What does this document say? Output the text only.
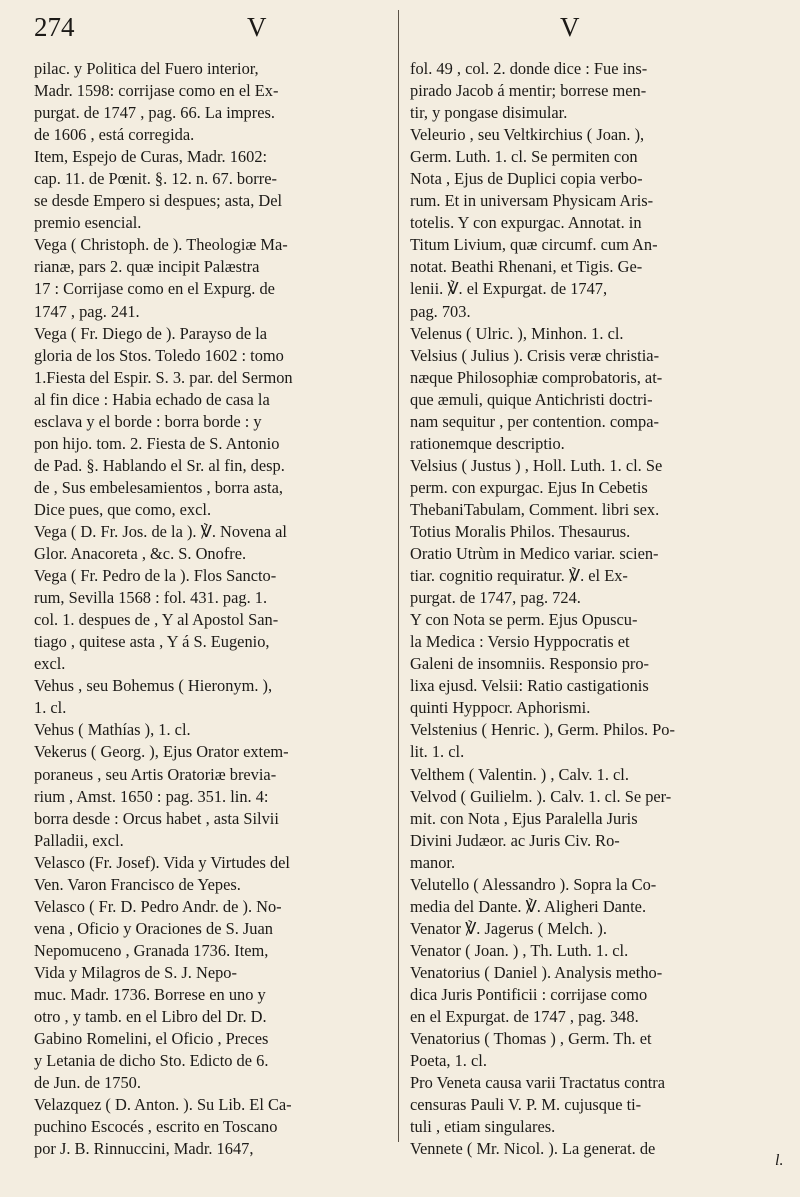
274	V	V
pilac. y Politica del Fuero interior,
Madr. 1598: corrijase como en el Ex-
purgat. de 1747 , pag. 66. La impres.
de 1606 , está corregida.
Item, Espejo de Curas, Madr. 1602:
cap. 11. de Pœnit. §. 12. n. 67. borre-
se desde Empero si despues; asta, Del
premio esencial.
Vega ( Christoph. de ). Theologiæ Ma-
rianæ, pars 2. quæ incipit Palæstra
17 : Corrijase como en el Expurg. de
1747 , pag. 241.
Vega ( Fr. Diego de ). Parayso de la
gloria de los Stos. Toledo 1602 : tomo
1.Fiesta del Espir. S. 3. par. del Sermon
al fin dice : Habia echado de casa la
esclava y el borde : borra borde : y
pon hijo. tom. 2. Fiesta de S. Antonio
de Pad. §. Hablando el Sr. al fin, desp.
de , Sus embelesamientos , borra asta,
Dice pues, que como, excl.
Vega ( D. Fr. Jos. de la ). ℣. Novena al
Glor. Anacoreta , &c. S. Onofre.
Vega ( Fr. Pedro de la ). Flos Sancto-
rum, Sevilla 1568 : fol. 431. pag. 1.
col. 1. despues de , Y al Apostol San-
tiago , quitese asta , Y á S. Eugenio,
excl.
Vehus , seu Bohemus ( Hieronym. ),
1. cl.
Vehus ( Mathías ), 1. cl.
Vekerus ( Georg. ), Ejus Orator extem-
poraneus , seu Artis Oratoriæ brevia-
rium , Amst. 1650 : pag. 351. lin. 4:
borra desde : Orcus habet , asta Silvii
Palladii, excl.
Velasco (Fr. Josef). Vida y Virtudes del
Ven. Varon Francisco de Yepes.
Velasco ( Fr. D. Pedro Andr. de ). No-
vena , Oficio y Oraciones de S. Juan
Nepomuceno , Granada 1736. Item,
Vida y Milagros de S. J. Nepo-
muc. Madr. 1736. Borrese en uno y
otro , y tamb. en el Libro del Dr. D.
Gabino Romelini, el Oficio , Preces
y Letania de dicho Sto. Edicto de 6.
de Jun. de 1750.
Velazquez ( D. Anton. ). Su Lib. El Ca-
puchino Escocés , escrito en Toscano
por J. B. Rinnuccini, Madr. 1647,
fol. 49 , col. 2. donde dice : Fue ins-
pirado Jacob á mentir; borrese men-
tir, y pongase disimular.
Veleurio , seu Veltkirchius ( Joan. ),
Germ. Luth. 1. cl. Se permiten con
Nota , Ejus de Duplici copia verbo-
rum. Et in universam Physicam Aris-
totelis. Y con expurgac. Annotat. in
Titum Livium, quæ circumf. cum An-
notat. Beathi Rhenani, et Tigis. Ge-
lenii. ℣. el Expurgat. de 1747,
pag. 703.
Velenus ( Ulric. ), Minhon. 1. cl.
Velsius ( Julius ). Crisis veræ christia-
næque Philosophiæ comprobatoris, at-
que æmuli, quique Antichristi doctri-
nam sequitur , per contention. compa-
rationemque descriptio.
Velsius ( Justus ) , Holl. Luth. 1. cl. Se
perm. con expurgac. Ejus In Cebetis
ThebaniTabulam, Comment. libri sex.
Totius Moralis Philos. Thesaurus.
Oratio Utrùm in Medico variar. scien-
tiar. cognitio requiratur. ℣. el Ex-
purgat. de 1747, pag. 724.
Y con Nota se perm. Ejus Opuscu-
la Medica : Versio Hyppocratis et
Galeni de insomniis. Responsio pro-
lixa ejusd. Velsii: Ratio castigationis
quinti Hyppocr. Aphorismi.
Velstenius ( Henric. ), Germ. Philos. Po-
lit. 1. cl.
Velthem ( Valentin. ) , Calv. 1. cl.
Velvod ( Guilielm. ). Calv. 1. cl. Se per-
mit. con Nota , Ejus Paralella Juris
Divini Judæor. ac Juris Civ. Ro-
manor.
Velutello ( Alessandro ). Sopra la Co-
media del Dante. ℣. Aligheri Dante.
Venator ℣. Jagerus ( Melch. ).
Venator ( Joan. ) , Th. Luth. 1. cl.
Venatorius ( Daniel ). Analysis metho-
dica Juris Pontificii : corrijase como
en el Expurgat. de 1747 , pag. 348.
Venatorius ( Thomas ) , Germ. Th. et
Poeta, 1. cl.
Pro Veneta causa varii Tractatus contra
censuras Pauli V. P. M. cujusque ti-
tuli , etiam singulares.
Vennete ( Mr. Nicol. ). La generat. de
l.
